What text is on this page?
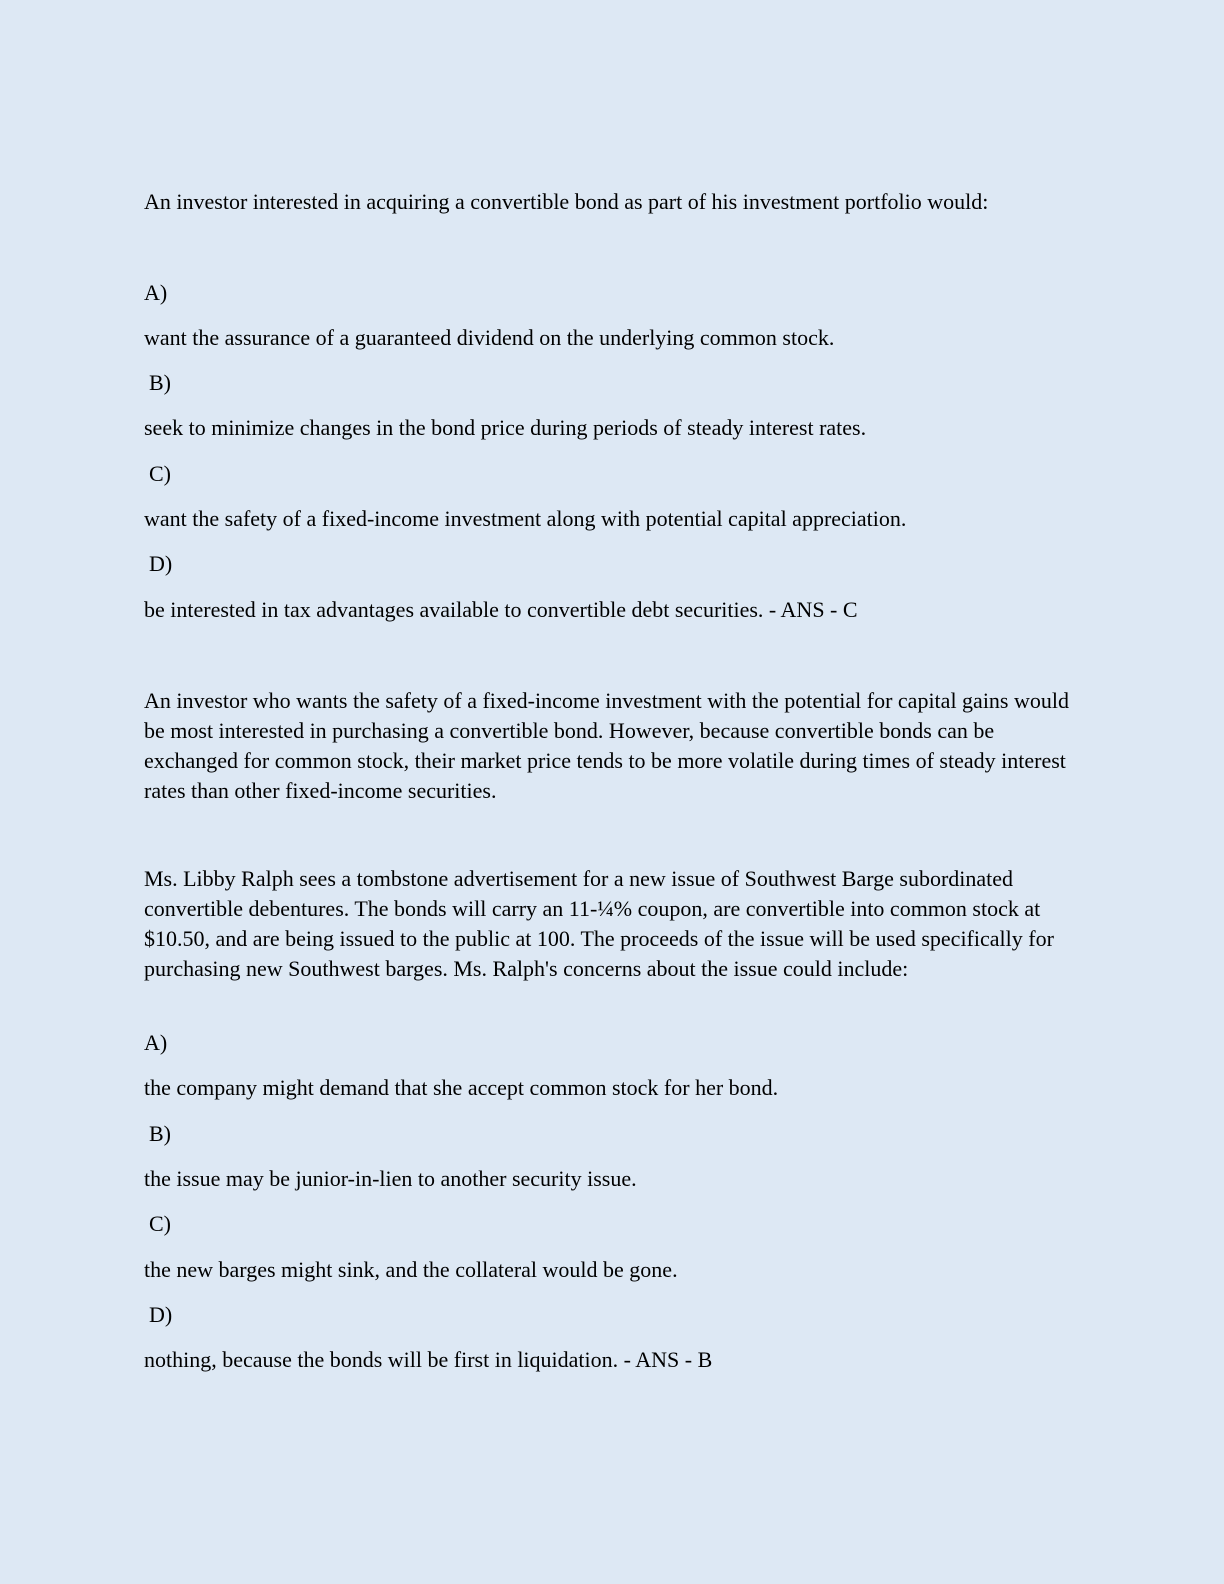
An investor interested in acquiring a convertible bond as part of his investment portfolio would:
A)
want the assurance of a guaranteed dividend on the underlying common stock.
B)
seek to minimize changes in the bond price during periods of steady interest rates.
C)
want the safety of a fixed-income investment along with potential capital appreciation.
D)
be interested in tax advantages available to convertible debt securities. - ANS - C
An investor who wants the safety of a fixed-income investment with the potential for capital gains would be most interested in purchasing a convertible bond. However, because convertible bonds can be exchanged for common stock, their market price tends to be more volatile during times of steady interest rates than other fixed-income securities.
Ms. Libby Ralph sees a tombstone advertisement for a new issue of Southwest Barge subordinated convertible debentures. The bonds will carry an 11-¼% coupon, are convertible into common stock at $10.50, and are being issued to the public at 100. The proceeds of the issue will be used specifically for purchasing new Southwest barges. Ms. Ralph's concerns about the issue could include:
A)
the company might demand that she accept common stock for her bond.
B)
the issue may be junior-in-lien to another security issue.
C)
the new barges might sink, and the collateral would be gone.
D)
nothing, because the bonds will be first in liquidation. - ANS - B
